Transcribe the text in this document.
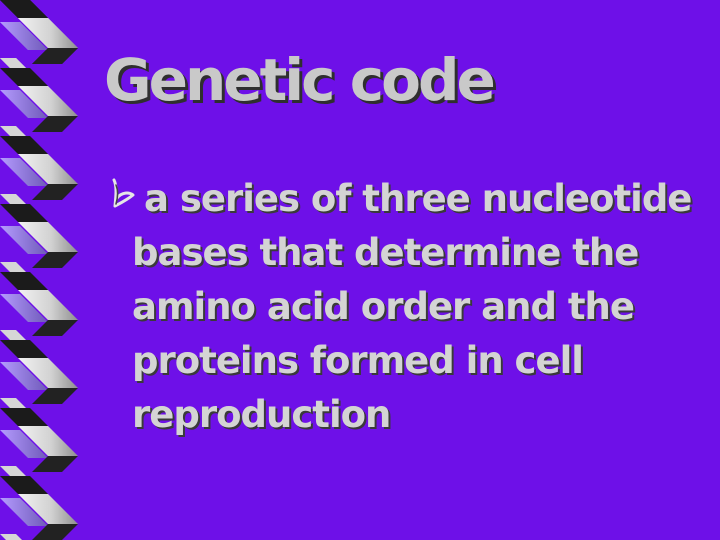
Genetic code
a series of three nucleotide
bases that determine the
amino acid order and the
proteins formed in cell
reproduction
